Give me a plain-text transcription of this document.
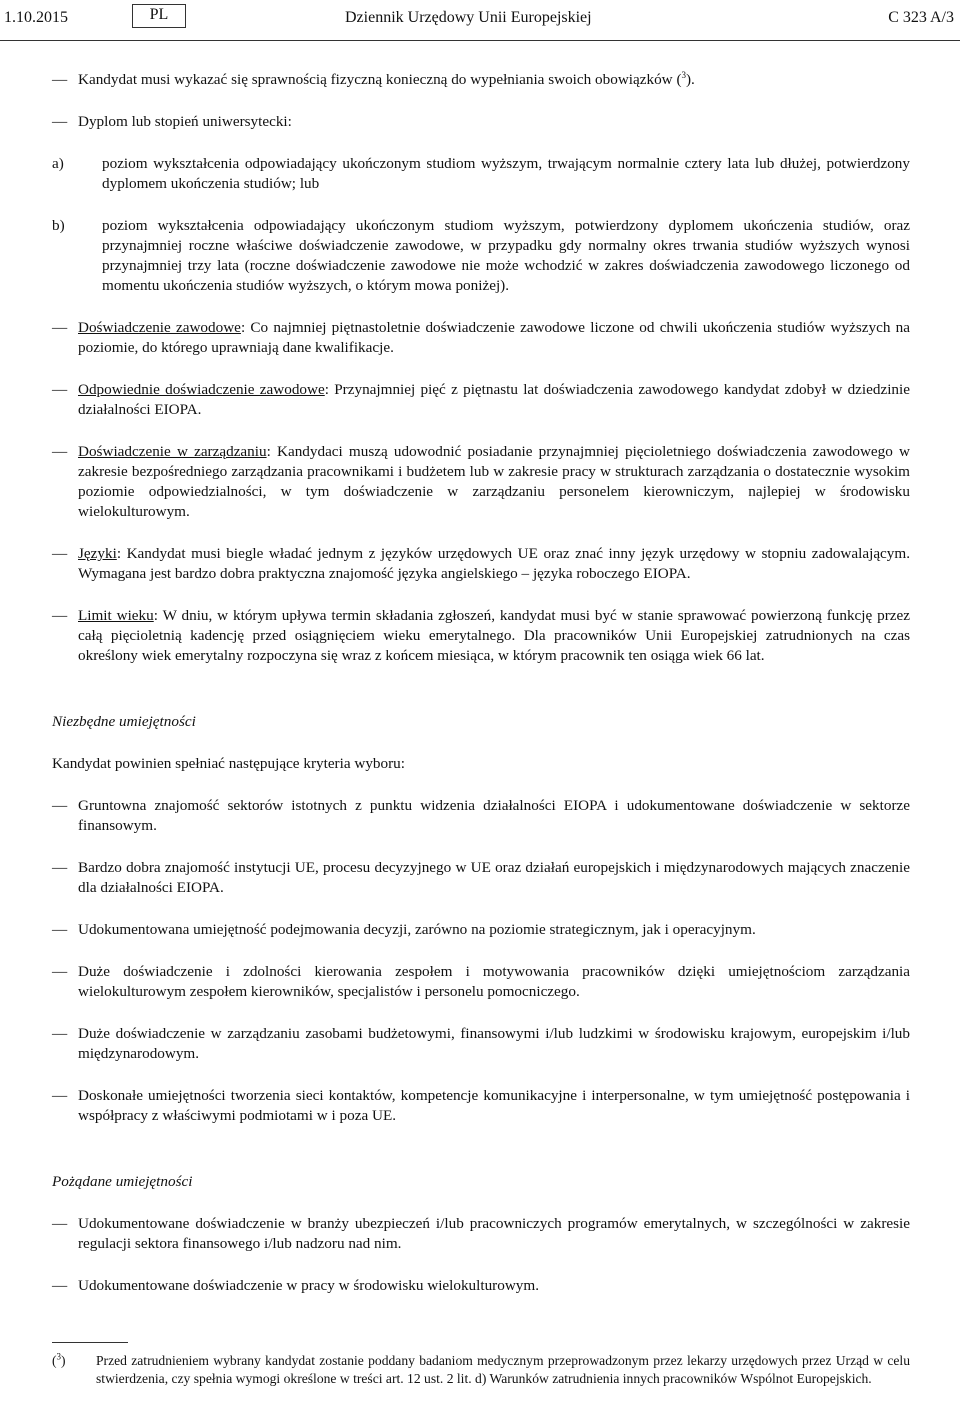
1.10.2015	PL	Dziennik Urzędowy Unii Europejskiej	C 323 A/3
— Kandydat musi wykazać się sprawnością fizyczną konieczną do wypełniania swoich obowiązków ($^3$).
— Dyplom lub stopień uniwersytecki:
a)	poziom wykształcenia odpowiadający ukończonym studiom wyższym, trwającym normalnie cztery lata lub dłużej, potwierdzony dyplomem ukończenia studiów; lub
b) poziom wykształcenia odpowiadający ukończonym studiom wyższym, potwierdzony dyplomem ukończenia studiów, oraz przynajmniej roczne właściwe doświadczenie zawodowe, w przypadku gdy normalny okres trwania studiów wyższych wynosi przynajmniej trzy lata (roczne doświadczenie zawodowe nie może wchodzić w zakres doświadczenia zawodowego liczonego od momentu ukończenia studiów wyższych, o którym mowa poniżej).
— Doświadczenie zawodowe: Co najmniej piętnastoletnie doświadczenie zawodowe liczone od chwili ukończenia studiów wyższych na poziomie, do którego uprawniają dane kwalifikacje.
— Odpowiednie doświadczenie zawodowe: Przynajmniej pięć z piętnastu lat doświadczenia zawodowego kandydat zdobył w dziedzinie działalności EIOPA.
— Doświadczenie w zarządzaniu: Kandydaci muszą udowodnić posiadanie przynajmniej pięcioletniego doświadczenia zawodowego w zakresie bezpośredniego zarządzania pracownikami i budżetem lub w zakresie pracy w strukturach zarządzania o dostatecznie wysokim poziomie odpowiedzialności, w tym doświadczenie w zarządzaniu personelem kierowniczym, najlepiej w środowisku wielokulturowym.
— Języki: Kandydat musi biegle władać jednym z języków urzędowych UE oraz znać inny język urzędowy w stopniu zadowalającym. Wymagana jest bardzo dobra praktyczna znajomość języka angielskiego – języka roboczego EIOPA.
— Limit wieku: W dniu, w którym upływa termin składania zgłoszeń, kandydat musi być w stanie sprawować powierzoną funkcję przez całą pięcioletnią kadencję przed osiągnięciem wieku emerytalnego. Dla pracowników Unii Europejskiej zatrudnionych na czas określony wiek emerytalny rozpoczyna się wraz z końcem miesiąca, w którym pracownik ten osiąga wiek 66 lat.
Niezbędne umiejętności
Kandydat powinien spełniać następujące kryteria wyboru:
— Gruntowna znajomość sektorów istotnych z punktu widzenia działalności EIOPA i udokumentowane doświadczenie w sektorze finansowym.
— Bardzo dobra znajomość instytucji UE, procesu decyzyjnego w UE oraz działań europejskich i międzynarodowych mających znaczenie dla działalności EIOPA.
— Udokumentowana umiejętność podejmowania decyzji, zarówno na poziomie strategicznym, jak i operacyjnym.
— Duże doświadczenie i zdolności kierowania zespołem i motywowania pracowników dzięki umiejętnościom zarządzania wielokulturowym zespołem kierowników, specjalistów i personelu pomocniczego.
— Duże doświadczenie w zarządzaniu zasobami budżetowymi, finansowymi i/lub ludzkimi w środowisku krajowym, europejskim i/lub międzynarodowym.
— Doskonałe umiejętności tworzenia sieci kontaktów, kompetencje komunikacyjne i interpersonalne, w tym umiejętność postępowania i współpracy z właściwymi podmiotami w i poza UE.
Pożądane umiejętności
— Udokumentowane doświadczenie w branży ubezpieczeń i/lub pracowniczych programów emerytalnych, w szczególności w zakresie regulacji sektora finansowego i/lub nadzoru nad nim.
— Udokumentowane doświadczenie w pracy w środowisku wielokulturowym.
($^3$)	Przed zatrudnieniem wybrany kandydat zostanie poddany badaniom medycznym przeprowadzonym przez lekarzy urzędowych przez Urząd w celu stwierdzenia, czy spełnia wymogi określone w treści art. 12 ust. 2 lit. d) Warunków zatrudnienia innych pracowników Wspólnot Europejskich.
